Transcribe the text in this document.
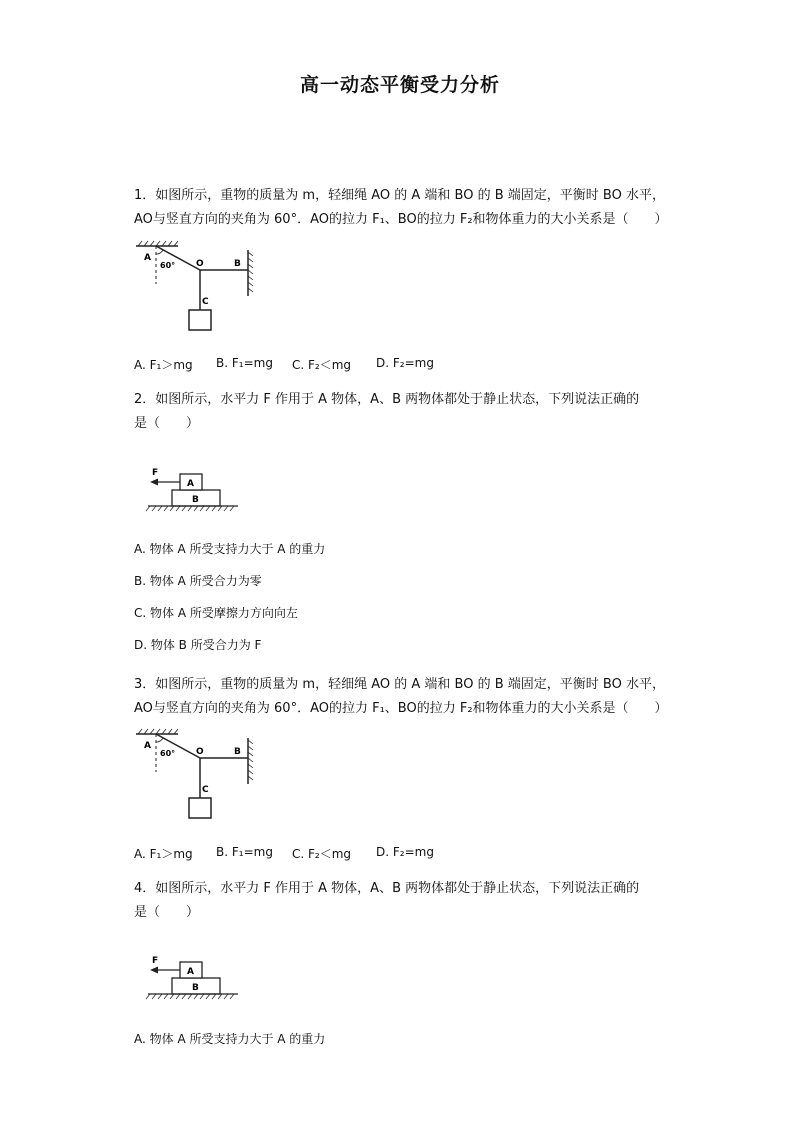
高一动态平衡受力分析
1．如图所示，重物的质量为 m，轻细绳 AO 的 A 端和 BO 的 B 端固定，平衡时 BO 水平，
AO与竖直方向的夹角为 60°．AO的拉力 F₁、BO的拉力 F₂和物体重力的大小关系是（　　）
A
60° O	B
C
A. F₁＞mg B. F₁=mg C. F₂＜mg D. F₂=mg
2．如图所示，水平力 F 作用于 A 物体，A、B 两物体都处于静止状态，下列说法正确的
是（　　）
F
A
B
A. 物体 A 所受支持力大于 A 的重力
B. 物体 A 所受合力为零
C. 物体 A 所受摩擦力方向向左
D. 物体 B 所受合力为 F
3．如图所示，重物的质量为 m，轻细绳 AO 的 A 端和 BO 的 B 端固定，平衡时 BO 水平，
AO与竖直方向的夹角为 60°．AO的拉力 F₁、BO的拉力 F₂和物体重力的大小关系是（　　）
A
60° O	B
C
A. F₁＞mg B. F₁=mg C. F₂＜mg D. F₂=mg
4．如图所示，水平力 F 作用于 A 物体，A、B 两物体都处于静止状态，下列说法正确的
是（　　）
F
A
B
A. 物体 A 所受支持力大于 A 的重力
